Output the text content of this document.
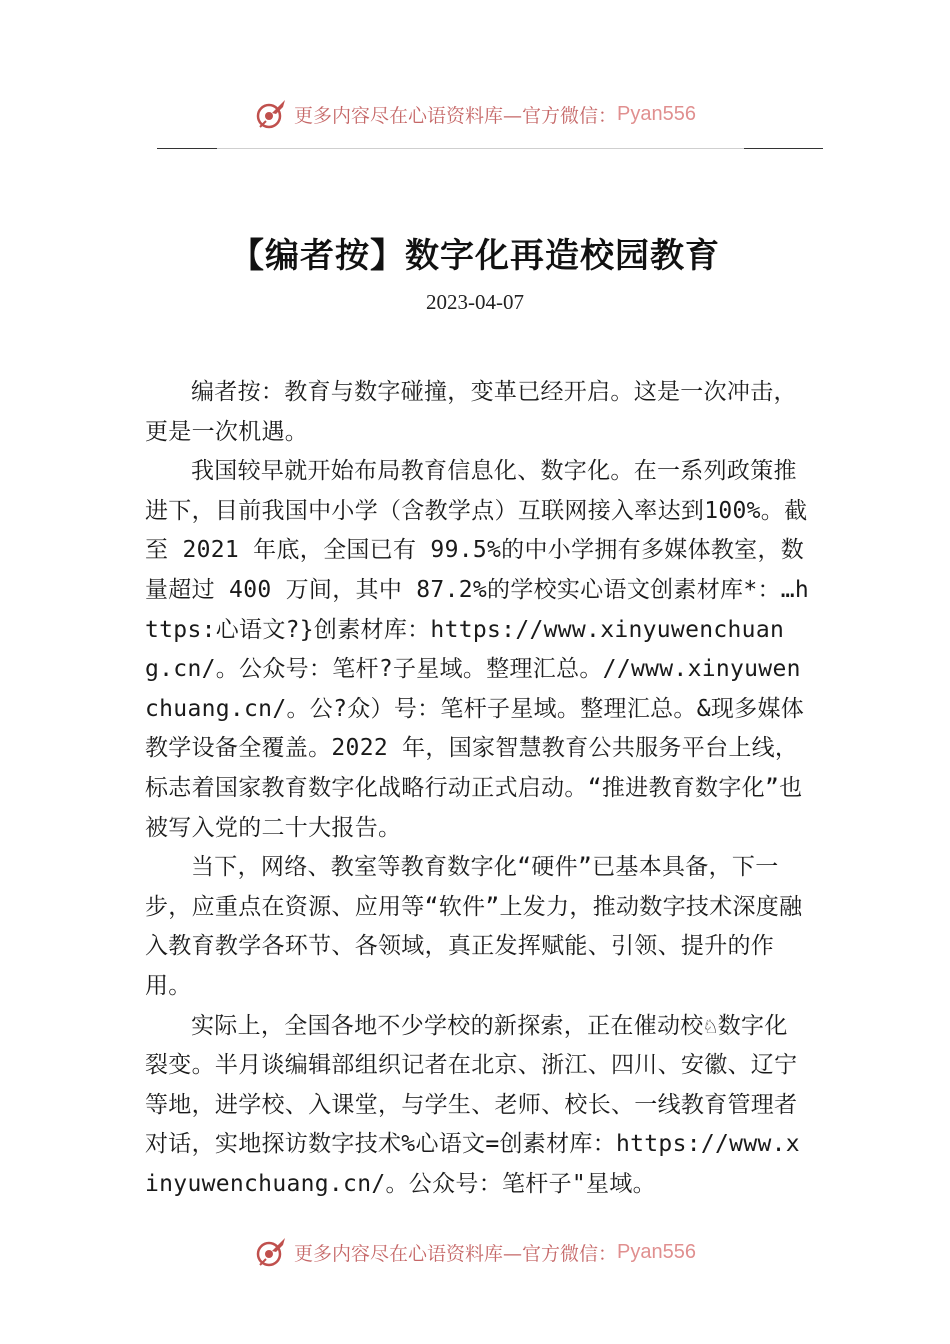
更多内容尽在心语资料库 —官方微信： Pyan556
【编者按】数字化再造校园教育
2023-04-07

编者按：教育与数字碰撞，变革已经开启。这是一次冲击，更是一次机遇。

我国较早就开始布局教育信息化、数字化。在一系列政策推进下，目前我国中小学（含教学点）互联网接入率达到100%。截至 2021 年底，全国已有 99.5%的中小学拥有多媒体教室，数量超过 400 万间，其中 87.2%的学校实心语文创素材库*：…https:心语文?}创素材库：https://www.xinyuwenchuang.cn/。公众号：笔杆?子星域。整理汇总。//www.xinyuwenchuang.cn/。公?众）号：笔杆子星域。整理汇总。&现多媒体教学设备全覆盖。2022 年，国家智慧教育公共服务平台上线， 标志着国家教育数字化战略行动正式启动。“推进教育数字化”也被写入党的二十大报告。

当下，网络、教室等教育数字化“硬件”已基本具备，下一步，应重点在资源、应用等“软件”上发力，推动数字技术深度融入教育教学各环节、各领域，真正发挥赋能、引领、提升的作用。

实际上，全国各地不少学校的新探索，正在催动校♘数字化裂变。半月谈编辑部组织记者在北京、浙江、四川、安徽、辽宁等地，进学校、入课堂，与学生、老师、校长、一线教育管理者对话，实地探访数字技术%心语文=创素材库：https://www.xinyuwenchuang.cn/。公众号：笔杆子"星域。

更多内容尽在心语资料库 —官方微信： Pyan556
